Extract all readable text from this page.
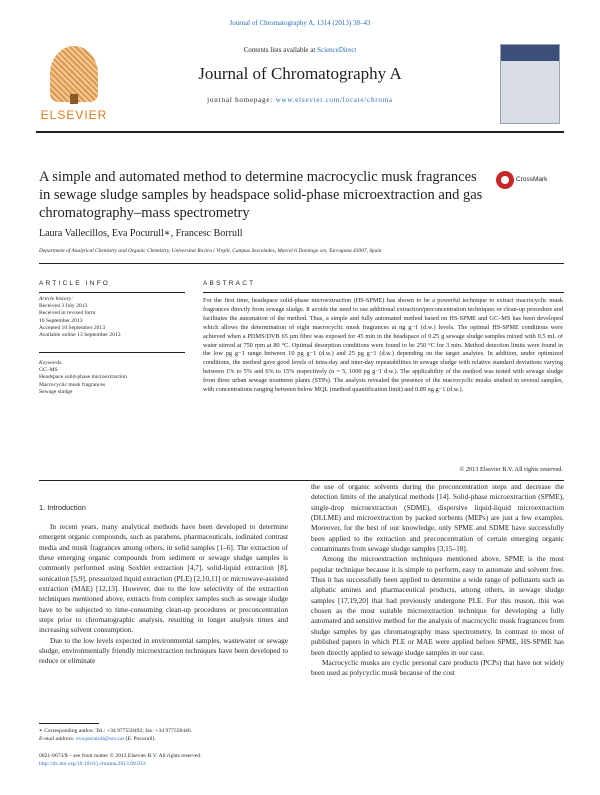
Journal of Chromatography A, 1314 (2013) 38–43
ELSEVIER
Contents lists available at ScienceDirect
Journal of Chromatography A
journal homepage: www.elsevier.com/locate/chroma
A simple and automated method to determine macrocyclic musk fragrances in sewage sludge samples by headspace solid-phase microextraction and gas chromatography–mass spectrometry
CrossMark
Laura Vallecillos, Eva Pocurull∗, Francesc Borrull
Department of Analytical Chemistry and Organic Chemistry, Universitat Rovira i Virgili, Campus Sescelades, Marcel·lí Domingo s/n, Tarragona 43007, Spain
ARTICLE INFO
Article history:
Received 3 July 2013
Received in revised form
10 September 2013
Accepted 10 September 2013
Available online 13 September 2013
Keywords:
GC–MS
Headspace solid-phase microextraction
Macrocyclic musk fragrances
Sewage sludge
ABSTRACT
For the first time, headspace solid-phase microextraction (HS-SPME) has shown to be a powerful technique to extract macrocyclic musk fragrances directly from sewage sludge. It avoids the need to use additional extraction/preconcentration techniques or clean-up procedure and facilitates the automation of the method. Thus, a simple and fully automated method based on HS-SPME and GC–MS has been developed which allows the determination of eight macrocyclic musk fragrances at ng g−1 (d.w.) levels. The optimal HS-SPME conditions were achieved when a PDMS/DVB 65 µm fibre was exposed for 45 min in the headspace of 0.25 g sewage sludge samples mixed with 0.5 mL of water stirred at 750 rpm at 80 °C. Optimal desorption conditions were found to be 250 °C for 3 min. Method detection limits were found in the low pg g−1 range between 10 pg g−1 (d.w.) and 25 pg g−1 (d.w.) depending on the target analytes. In addition, under optimized conditions, the method gave good levels of intra-day and inter-day repeatabilities in sewage sludge with relative standard deviations varying between 1% to 5% and 6% to 15% respectively (n = 5, 1000 pg g−1 d.w.). The applicability of the method was tested with sewage sludge from three urban sewage treatment plants (STPs). The analysis revealed the presence of the macrocyclic musks studied in several samples, with concentrations ranging between below MQL (method quantification limit) and 0.89 ng g−1 (d.w.).
© 2013 Elsevier B.V. All rights reserved.
1. Introduction

In recent years, many analytical methods have been developed to determine emergent organic compounds, such as parabens, pharmaceuticals, iodinated contrast media and musk fragrances among others, in solid samples [1–6]. The extraction of these emerging organic compounds from sediment or sewage sludge samples is commonly performed using Soxhlet extraction [4,7], solid-liquid extraction [8], sonication [5,9], pressurized liquid extraction (PLE) [2,10,11] or microwave-assisted extraction (MAE) [12,13]. However, due to the low selectivity of the extraction techniques mentioned above, extracts from complex samples such as sewage sludge have to be subjected to time-consuming clean-up procedures or preconcentration steps prior to chromatographic analysis, resulting in longer analysis times and increasing solvent consumption.

Due to the low levels expected in environmental samples, wastewater or sewage sludge, environmentally friendly microextraction techniques have been developed to reduce or eliminate

the use of organic solvents during the preconcentration steps and decrease the detection limits of the analytical methods [14]. Solid-phase microextraction (SPME), single-drop microextraction (SDME), dispersive liquid-liquid microextraction (DLLME) and microextraction by packed sorbents (MEPs) are just a few examples. Moreover, for the best of our knowledge, only SPME and SDME have successfully been applied to the extraction and preconcentration of certain emerging organic contaminants from sewage sludge samples [3,15–18].

Among the microextraction techniques mentioned above, SPME is the most popular technique because it is simple to perform, easy to automate and solvent free. Thus it has successfully been applied to determine a wide range of pollutants such as aliphatic amines and pharmaceutical products, among others, in sewage sludge samples [17,19,20] that had previously undergone PLE. For this reason, this was chosen as the most suitable microextraction technique for developing a fully automated and sensitive method for the analysis of macrocyclic musk fragrances from sludge samples by gas chromatography mass spectrometry. In contrast to most of published papers in which PLE or MAE were applied before SPME, HS-SPME has been directly applied to sewage sludge samples in our case.

Macrocyclic musks are cyclic personal care products (PCPs) that have not widely been used as polycyclic musk because of the cost

∗ Corresponding author. Tel.: +34 977558492; fax: +34 977558446.
E-mail address: eva.pocurull@urv.cat (E. Pocurull).
0021-9673/$ – see front matter © 2013 Elsevier B.V. All rights reserved.
http://dx.doi.org/10.1016/j.chroma.2013.09.033
